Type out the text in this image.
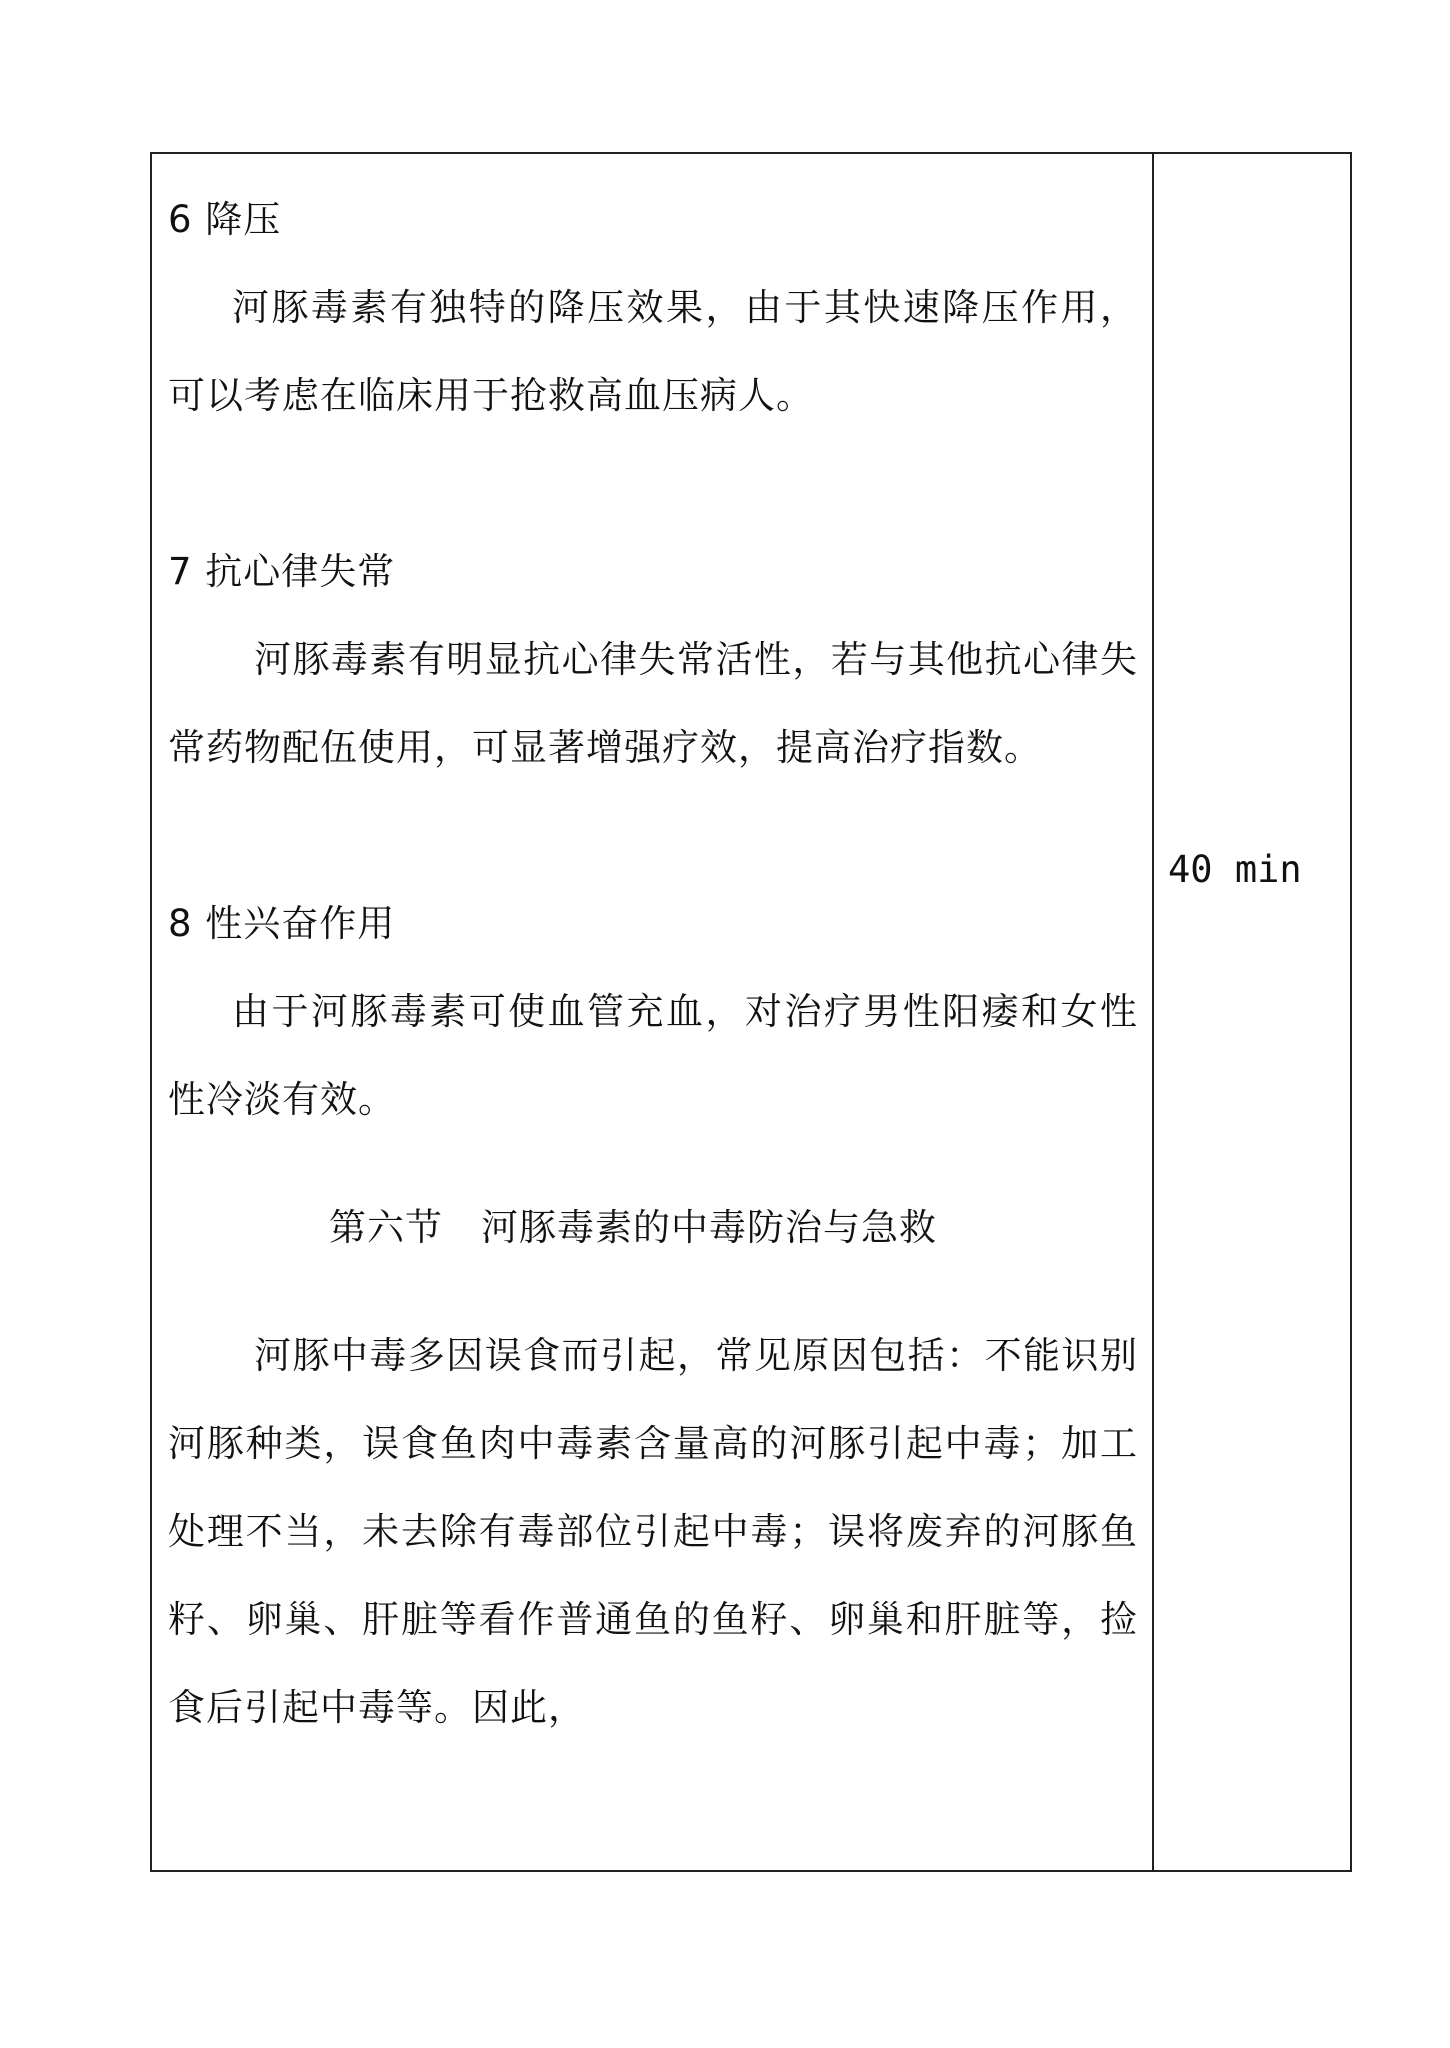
6 降压

河豚毒素有独特的降压效果，由于其快速降压作用，可以考虑在临床用于抢救高血压病人。

7 抗心律失常

河豚毒素有明显抗心律失常活性，若与其他抗心律失常药物配伍使用，可显著增强疗效，提高治疗指数。

8 性兴奋作用

由于河豚毒素可使血管充血，对治疗男性阳痿和女性性冷淡有效。

第六节　河豚毒素的中毒防治与急救

河豚中毒多因误食而引起，常见原因包括：不能识别河豚种类，误食鱼肉中毒素含量高的河豚引起中毒；加工处理不当，未去除有毒部位引起中毒；误将废弃的河豚鱼籽、卵巢、肝脏等看作普通鱼的鱼籽、卵巢和肝脏等，捡食后引起中毒等。因此，

40 min
